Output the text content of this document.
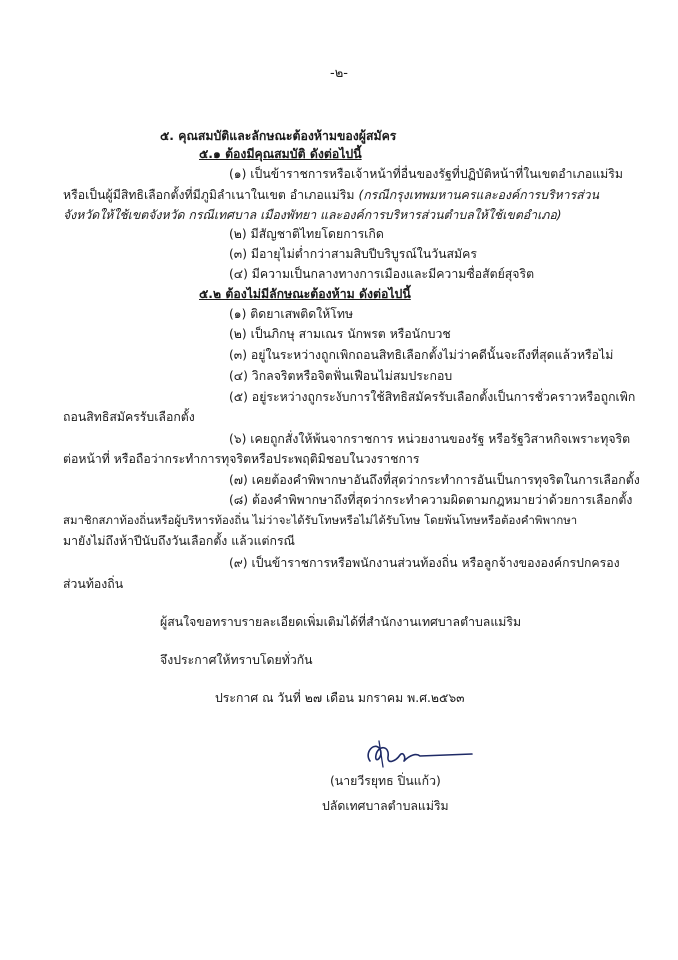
-๒-
๕. คุณสมบัติและลักษณะต้องห้ามของผู้สมัคร
๕.๑ ต้องมีคุณสมบัติ ดังต่อไปนี้
(๑) เป็นข้าราชการหรือเจ้าหน้าที่อื่นของรัฐที่ปฏิบัติหน้าที่ในเขตอำเภอแม่ริม
หรือเป็นผู้มีสิทธิเลือกตั้งที่มีภูมิลำเนาในเขต อำเภอแม่ริม (กรณีกรุงเทพมหานครและองค์การบริหารส่วน
จังหวัดให้ใช้เขตจังหวัด กรณีเทศบาล เมืองพัทยา และองค์การบริหารส่วนตำบลให้ใช้เขตอำเภอ)
(๒) มีสัญชาติไทยโดยการเกิด
(๓) มีอายุไม่ต่ำกว่าสามสิบปีบริบูรณ์ในวันสมัคร
(๔) มีความเป็นกลางทางการเมืองและมีความซื่อสัตย์สุจริต
๕.๒ ต้องไม่มีลักษณะต้องห้าม ดังต่อไปนี้
(๑) ติดยาเสพติดให้โทษ
(๒) เป็นภิกษุ สามเณร นักพรต หรือนักบวช
(๓) อยู่ในระหว่างถูกเพิกถอนสิทธิเลือกตั้งไม่ว่าคดีนั้นจะถึงที่สุดแล้วหรือไม่
(๔) วิกลจริตหรือจิตฟั่นเฟือนไม่สมประกอบ
(๕) อยู่ระหว่างถูกระงับการใช้สิทธิสมัครรับเลือกตั้งเป็นการชั่วคราวหรือถูกเพิก
ถอนสิทธิสมัครรับเลือกตั้ง
(๖) เคยถูกสั่งให้พ้นจากราชการ หน่วยงานของรัฐ หรือรัฐวิสาหกิจเพราะทุจริต
ต่อหน้าที่ หรือถือว่ากระทำการทุจริตหรือประพฤติมิชอบในวงราชการ
(๗) เคยต้องคำพิพากษาอันถึงที่สุดว่ากระทำการอันเป็นการทุจริตในการเลือกตั้ง
(๘) ต้องคำพิพากษาถึงที่สุดว่ากระทำความผิดตามกฎหมายว่าด้วยการเลือกตั้ง
สมาชิกสภาท้องถิ่นหรือผู้บริหารท้องถิ่น ไม่ว่าจะได้รับโทษหรือไม่ได้รับโทษ โดยพ้นโทษหรือต้องคำพิพากษา
มายังไม่ถึงห้าปีนับถึงวันเลือกตั้ง แล้วแต่กรณี
(๙) เป็นข้าราชการหรือพนักงานส่วนท้องถิ่น หรือลูกจ้างขององค์กรปกครอง
ส่วนท้องถิ่น
ผู้สนใจขอทราบรายละเอียดเพิ่มเติมได้ที่สำนักงานเทศบาลตำบลแม่ริม
จึงประกาศให้ทราบโดยทั่วกัน
ประกาศ ณ วันที่ ๒๗ เดือน มกราคม พ.ศ.๒๕๖๓
(นายวีรยุทธ ปิ่นแก้ว)
ปลัดเทศบาลตำบลแม่ริม
